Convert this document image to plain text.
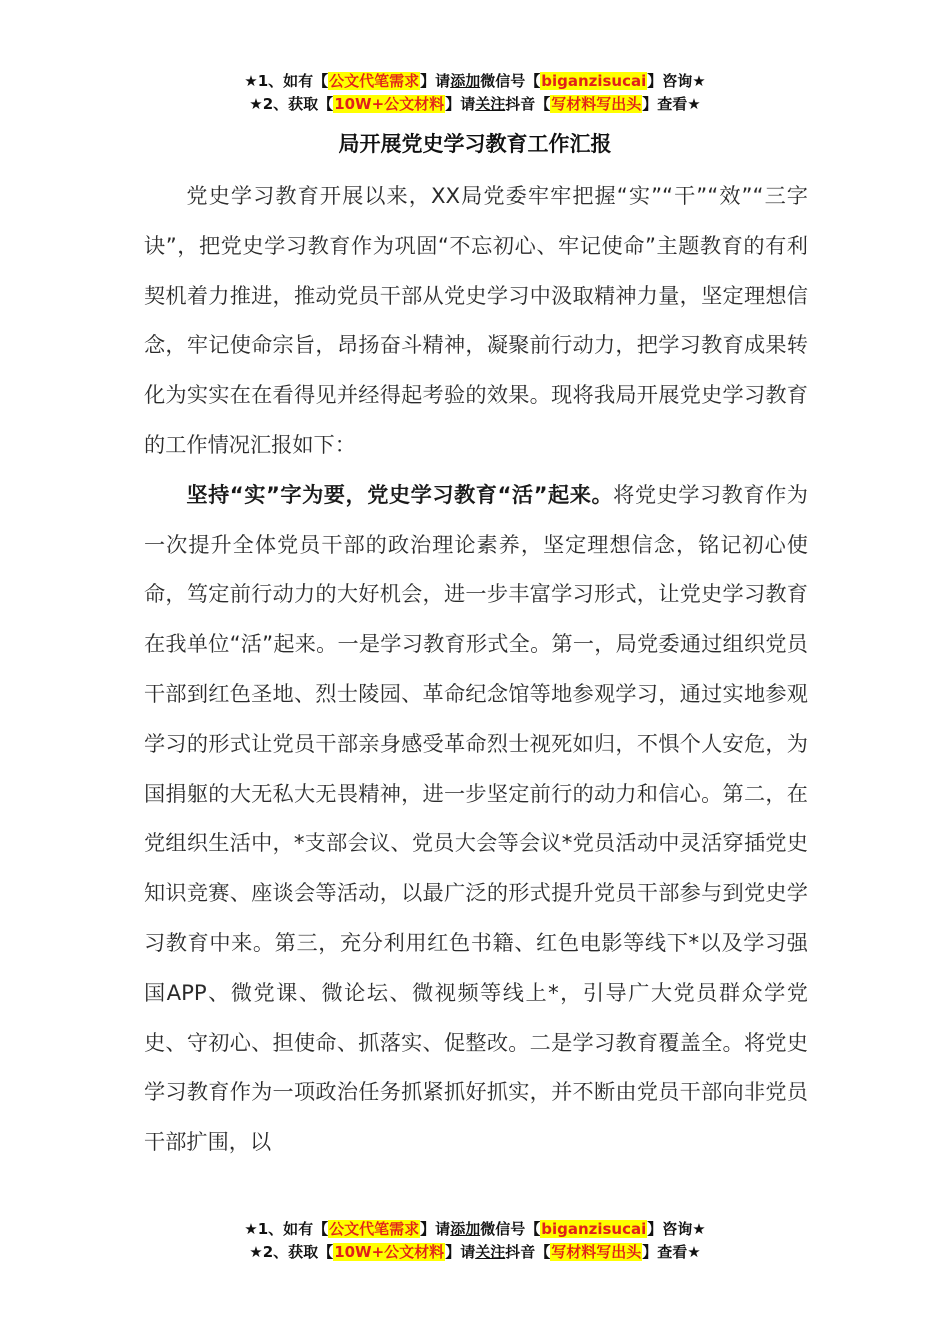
★1、如有【公文代笔需求】请添加微信号【biganzisucai】咨询★
★2、获取【10W+公文材料】请关注抖音【写材料写出头】查看★
局开展党史学习教育工作汇报

党史学习教育开展以来，XX局党委牢牢把握“实”“干”“效”“三字诀”，把党史学习教育作为巩固“不忘初心、牢记使命”主题教育的有利契机着力推进，推动党员干部从党史学习中汲取精神力量，坚定理想信念，牢记使命宗旨，昂扬奋斗精神，凝聚前行动力，把学习教育成果转化为实实在在看得见并经得起考验的效果。现将我局开展党史学习教育的工作情况汇报如下：

坚持“实”字为要，党史学习教育“活”起来。将党史学习教育作为一次提升全体党员干部的政治理论素养，坚定理想信念，铭记初心使命，笃定前行动力的大好机会，进一步丰富学习形式，让党史学习教育在我单位“活”起来。一是学习教育形式全。第一，局党委通过组织党员干部到红色圣地、烈士陵园、革命纪念馆等地参观学习，通过实地参观学习的形式让党员干部亲身感受革命烈士视死如归，不惧个人安危，为国捐躯的大无私大无畏精神，进一步坚定前行的动力和信心。第二，在党组织生活中，*支部会议、党员大会等会议*党员活动中灵活穿插党史知识竞赛、座谈会等活动，以最广泛的形式提升党员干部参与到党史学习教育中来。第三，充分利用红色书籍、红色电影等线下*以及学习强国APP、微党课、微论坛、微视频等线上*，引导广大党员群众学党史、守初心、担使命、抓落实、促整改。二是学习教育覆盖全。将党史学习教育作为一项政治任务抓紧抓好抓实，并不断由党员干部向非党员干部扩围，以

★1、如有【公文代笔需求】请添加微信号【biganzisucai】咨询★
★2、获取【10W+公文材料】请关注抖音【写材料写出头】查看★
